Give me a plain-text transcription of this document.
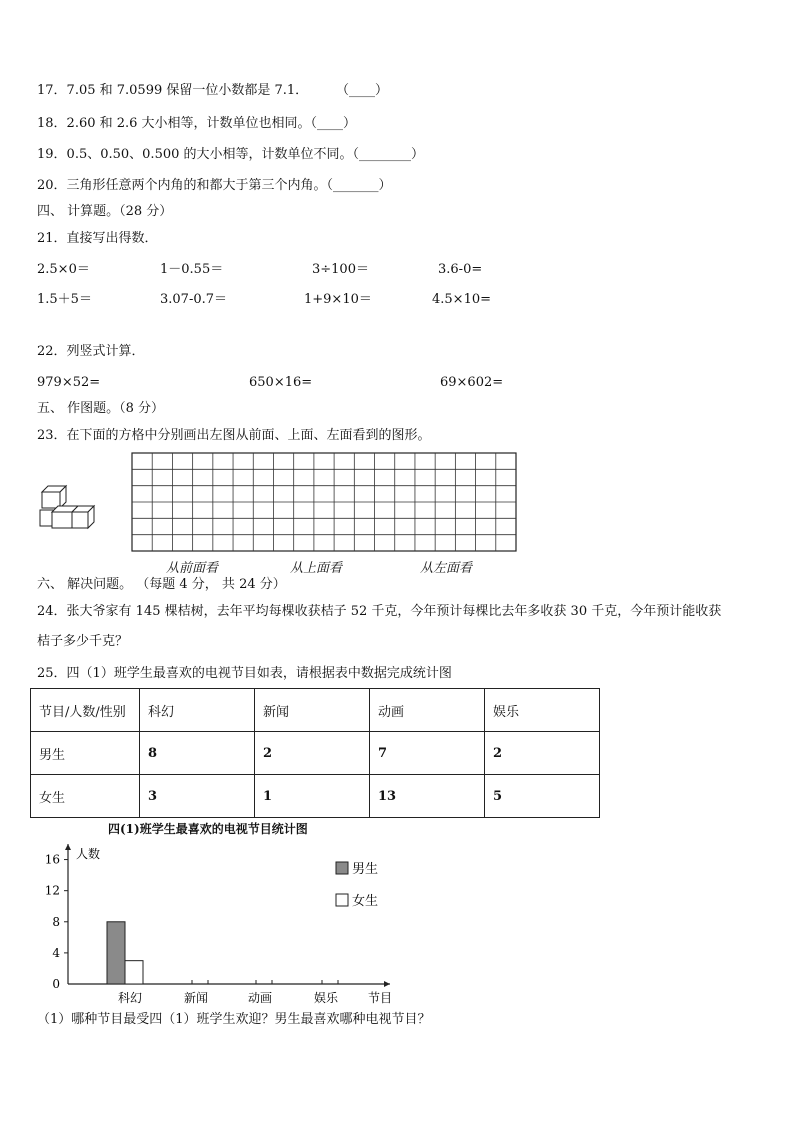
17．7.05 和 7.0599 保留一位小数都是 7.1． （____）
18．2.60 和 2.6 大小相等，计数单位也相同。（____）
19．0.5、0.50、0.500 的大小相等，计数单位不同。（________）
20．三角形任意两个内角的和都大于第三个内角。（_______）
四、 计算题。（28 分）
21．直接写出得数．
2.5×0＝	1－0.55＝	3÷100＝	3.6-0=
1.5＋5＝	3.07-0.7＝	1+9×10＝	4.5×10=
22．列竖式计算．
979×52=	650×16=	69×602=
五、 作图题。（8 分）
23．在下面的方格中分别画出左图从前面、上面、左面看到的图形。
从前面看	从上面看	从左面看
六、 解决问题。 （每题 4 分， 共 24 分）
24．张大爷家有 145 棵桔树，去年平均每棵收获桔子 52 千克，今年预计每棵比去年多收获 30 千克，今年预计能收获
桔子多少千克？
25．四（1）班学生最喜欢的电视节目如表，请根据表中数据完成统计图
节目/人数/性别	科幻	新闻	动画	娱乐
男生	8	2	7	2
女生	3	1	13	5
四(1)班学生最喜欢的电视节目统计图
人数
0
4
8
12
16
科幻	新闻	动画	娱乐 节目
男生
女生
（1）哪种节目最受四（1）班学生欢迎？男生最喜欢哪种电视节目？
